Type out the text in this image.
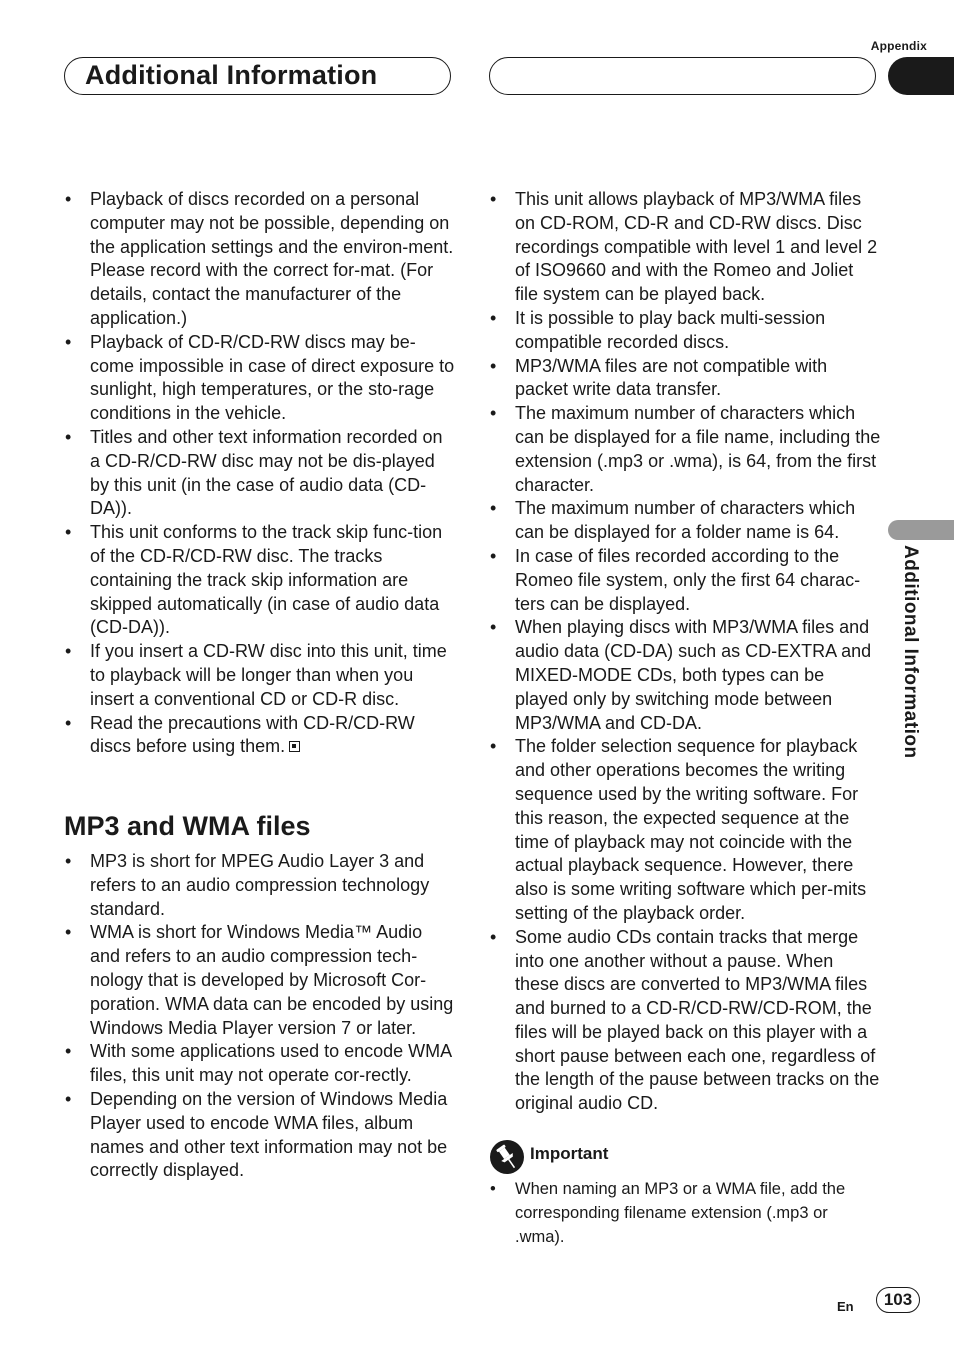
Appendix
Additional Information
• Playback of discs recorded on a personal computer may not be possible, depending on the application settings and the environ-ment. Please record with the correct for-mat. (For details, contact the manufacturer of the application.)
• Playback of CD-R/CD-RW discs may be-come impossible in case of direct exposure to sunlight, high temperatures, or the sto-rage conditions in the vehicle.
• Titles and other text information recorded on a CD-R/CD-RW disc may not be dis-played by this unit (in the case of audio data (CD-DA)).
• This unit conforms to the track skip func-tion of the CD-R/CD-RW disc. The tracks containing the track skip information are skipped automatically (in case of audio data (CD-DA)).
• If you insert a CD-RW disc into this unit, time to playback will be longer than when you insert a conventional CD or CD-R disc.
• Read the precautions with CD-R/CD-RW discs before using them.
MP3 and WMA files
• MP3 is short for MPEG Audio Layer 3 and refers to an audio compression technology standard.
• WMA is short for Windows Media™ Audio and refers to an audio compression tech-nology that is developed by Microsoft Cor-poration. WMA data can be encoded by using Windows Media Player version 7 or later.
• With some applications used to encode WMA files, this unit may not operate cor-rectly.
• Depending on the version of Windows Media Player used to encode WMA files, album names and other text information may not be correctly displayed.
• This unit allows playback of MP3/WMA files on CD-ROM, CD-R and CD-RW discs. Disc recordings compatible with level 1 and level 2 of ISO9660 and with the Romeo and Joliet file system can be played back.
• It is possible to play back multi-session compatible recorded discs.
• MP3/WMA files are not compatible with packet write data transfer.
• The maximum number of characters which can be displayed for a file name, including the extension (.mp3 or .wma), is 64, from the first character.
• The maximum number of characters which can be displayed for a folder name is 64.
• In case of files recorded according to the Romeo file system, only the first 64 charac-ters can be displayed.
• When playing discs with MP3/WMA files and audio data (CD-DA) such as CD-EXTRA and MIXED-MODE CDs, both types can be played only by switching mode between MP3/WMA and CD-DA.
• The folder selection sequence for playback and other operations becomes the writing sequence used by the writing software. For this reason, the expected sequence at the time of playback may not coincide with the actual playback sequence. However, there also is some writing software which per-mits setting of the playback order.
• Some audio CDs contain tracks that merge into one another without a pause. When these discs are converted to MP3/WMA files and burned to a CD-R/CD-RW/CD-ROM, the files will be played back on this player with a short pause between each one, regardless of the length of the pause between tracks on the original audio CD.
Important
• When naming an MP3 or a WMA file, add the corresponding filename extension (.mp3 or .wma).
Additional Information
En	103
